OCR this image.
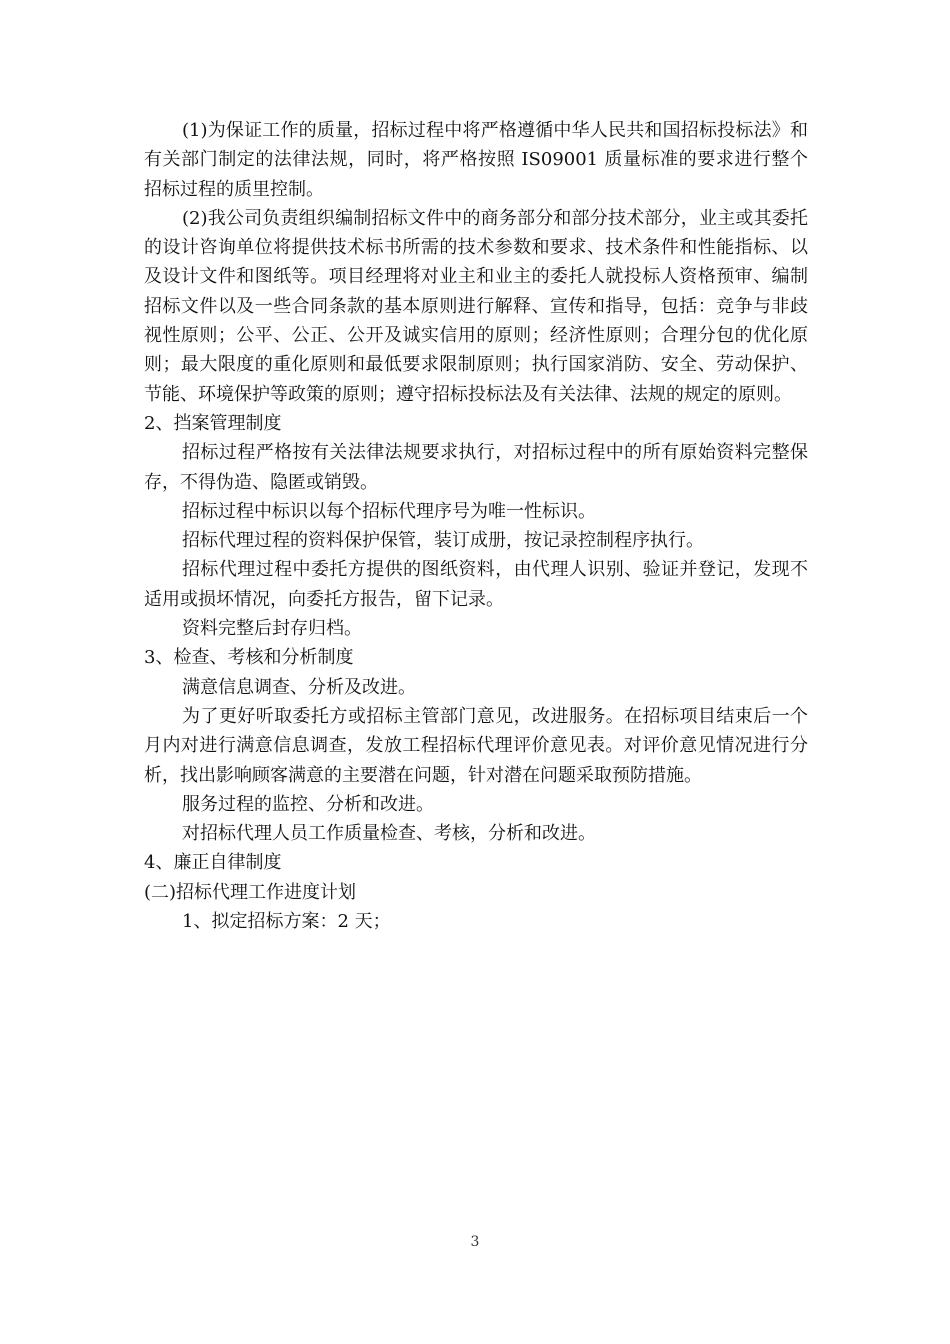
(1)为保证工作的质量，招标过程中将严格遵循中华人民共和国招标投标法》和有关部门制定的法律法规，同时，将严格按照 IS09001 质量标准的要求进行整个招标过程的质里控制。

(2)我公司负责组织编制招标文件中的商务部分和部分技术部分，业主或其委托的设计咨询单位将提供技术标书所需的技术参数和要求、技术条件和性能指标、以及设计文件和图纸等。项目经理将对业主和业主的委托人就投标人资格预审、编制招标文件以及一些合同条款的基本原则进行解释、宣传和指导，包括：竞争与非歧视性原则；公平、公正、公开及诚实信用的原则；经济性原则；合理分包的优化原则；最大限度的重化原则和最低要求限制原则；执行国家消防、安全、劳动保护、节能、环境保护等政策的原则；遵守招标投标法及有关法律、法规的规定的原则。

2、挡案管理制度

招标过程严格按有关法律法规要求执行，对招标过程中的所有原始资料完整保存，不得伪造、隐匿或销毁。

招标过程中标识以每个招标代理序号为唯一性标识。

招标代理过程的资料保护保管，装订成册，按记录控制程序执行。

招标代理过程中委托方提供的图纸资料，由代理人识别、验证并登记，发现不适用或损坏情况，向委托方报告，留下记录。

资料完整后封存归档。

3、检查、考核和分析制度

满意信息调查、分析及改进。

为了更好听取委托方或招标主管部门意见，改进服务。在招标项目结束后一个月内对进行满意信息调查，发放工程招标代理评价意见表。对评价意见情况进行分析，找出影响顾客满意的主要潜在问题，针对潜在问题采取预防措施。

服务过程的监控、分析和改进。

对招标代理人员工作质量检查、考核，分析和改进。

4、廉正自律制度

(二)招标代理工作进度计划

1、拟定招标方案：2 天；

3
